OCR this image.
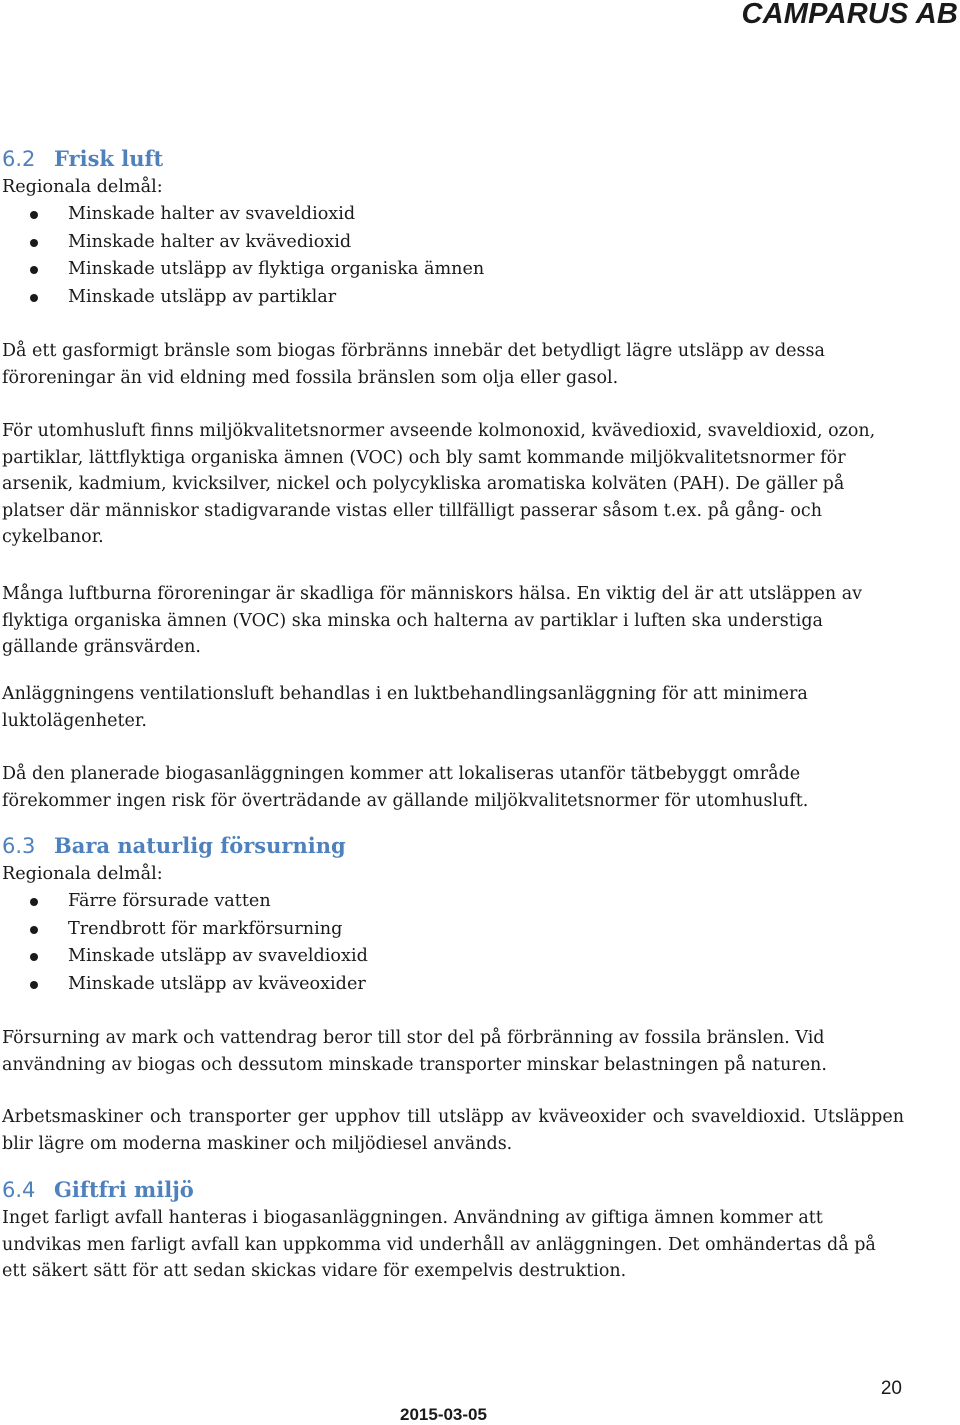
CAMPARUS AB
6.2 Frisk luft
Regionala delmål:
Minskade halter av svaveldioxid
Minskade halter av kvävedioxid
Minskade utsläpp av flyktiga organiska ämnen
Minskade utsläpp av partiklar

Då ett gasformigt bränsle som biogas förbränns innebär det betydligt lägre utsläpp av dessa föroreningar än vid eldning med fossila bränslen som olja eller gasol.

För utomhusluft finns miljökvalitetsnormer avseende kolmonoxid, kvävedioxid, svaveldioxid, ozon, partiklar, lättflyktiga organiska ämnen (VOC) och bly samt kommande miljökvalitetsnormer för arsenik, kadmium, kvicksilver, nickel och polycykliska aromatiska kolväten (PAH). De gäller på platser där människor stadigvarande vistas eller tillfälligt passerar såsom t.ex. på gång- och cykelbanor.

Många luftburna föroreningar är skadliga för människors hälsa. En viktig del är att utsläppen av flyktiga organiska ämnen (VOC) ska minska och halterna av partiklar i luften ska understiga gällande gränsvärden.

Anläggningens ventilationsluft behandlas i en luktbehandlingsanläggning för att minimera luktolägenheter.

Då den planerade biogasanläggningen kommer att lokaliseras utanför tätbebyggt område förekommer ingen risk för överträdande av gällande miljökvalitetsnormer för utomhusluft.

6.3 Bara naturlig försurning
Regionala delmål:
Färre försurade vatten
Trendbrott för markförsurning
Minskade utsläpp av svaveldioxid
Minskade utsläpp av kväveoxider

Försurning av mark och vattendrag beror till stor del på förbränning av fossila bränslen. Vid användning av biogas och dessutom minskade transporter minskar belastningen på naturen.

Arbetsmaskiner och transporter ger upphov till utsläpp av kväveoxider och svaveldioxid. Utsläppen blir lägre om moderna maskiner och miljödiesel används.

6.4 Giftfri miljö

Inget farligt avfall hanteras i biogasanläggningen. Användning av giftiga ämnen kommer att undvikas men farligt avfall kan uppkomma vid underhåll av anläggningen. Det omhändertas då på ett säkert sätt för att sedan skickas vidare för exempelvis destruktion.

20
2015-03-05
